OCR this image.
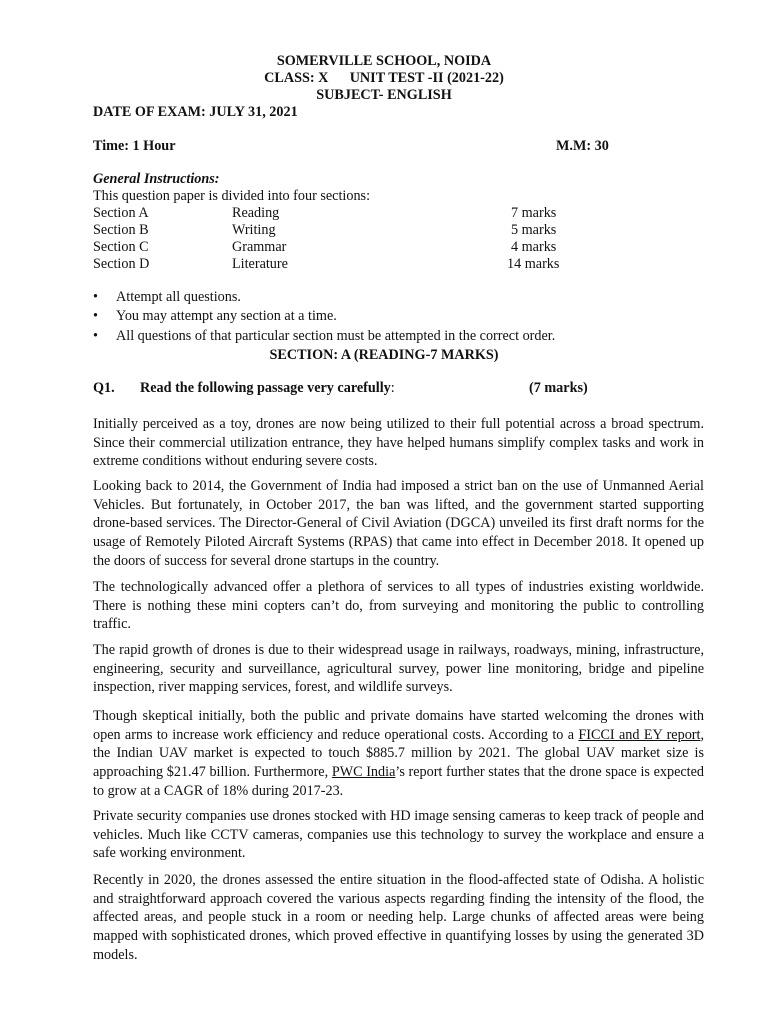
SOMERVILLE SCHOOL, NOIDA
CLASS: X      UNIT TEST -II (2021-22)
SUBJECT- ENGLISH
DATE OF EXAM: JULY 31, 2021
Time: 1 Hour	M.M: 30
General Instructions:
This question paper is divided into four sections:
Section A	Reading	7 marks
Section B	Writing	5 marks
Section C	Grammar	4 marks
Section D	Literature	14 marks
• Attempt all questions.
• You may attempt any section at a time.
• All questions of that particular section must be attempted in the correct order.
SECTION: A (READING-7 MARKS)
Q1. Read the following passage very carefully:	(7 marks)

Initially perceived as a toy, drones are now being utilized to their full potential across a broad spectrum. Since their commercial utilization entrance, they have helped humans simplify complex tasks and work in extreme conditions without enduring severe costs.

Looking back to 2014, the Government of India had imposed a strict ban on the use of Unmanned Aerial Vehicles. But fortunately, in October 2017, the ban was lifted, and the government started supporting drone-based services. The Director-General of Civil Aviation (DGCA) unveiled its first draft norms for the usage of Remotely Piloted Aircraft Systems (RPAS) that came into effect in December 2018. It opened up the doors of success for several drone startups in the country.

The technologically advanced offer a plethora of services to all types of industries existing worldwide. There is nothing these mini copters can’t do, from surveying and monitoring the public to controlling traffic.

The rapid growth of drones is due to their widespread usage in railways, roadways, mining, infrastructure, engineering, security and surveillance, agricultural survey, power line monitoring, bridge and pipeline inspection, river mapping services, forest, and wildlife surveys.

Though skeptical initially, both the public and private domains have started welcoming the drones with open arms to increase work efficiency and reduce operational costs. According to a FICCI and EY report, the Indian UAV market is expected to touch $885.7 million by 2021. The global UAV market size is approaching $21.47 billion. Furthermore, PWC India’s report further states that the drone space is expected to grow at a CAGR of 18% during 2017-23.

Private security companies use drones stocked with HD image sensing cameras to keep track of people and vehicles. Much like CCTV cameras, companies use this technology to survey the workplace and ensure a safe working environment.

Recently in 2020, the drones assessed the entire situation in the flood-affected state of Odisha. A holistic and straightforward approach covered the various aspects regarding finding the intensity of the flood, the affected areas, and people stuck in a room or needing help. Large chunks of affected areas were being mapped with sophisticated drones, which proved effective in quantifying losses by using the generated 3D models.
